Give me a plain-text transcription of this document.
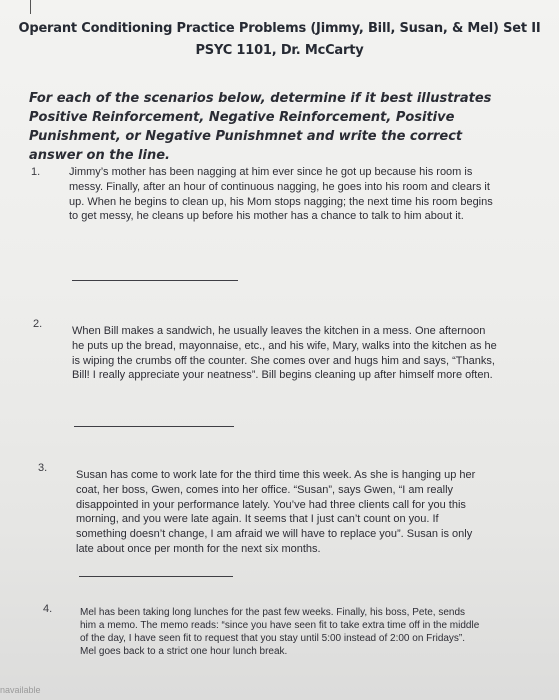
Operant Conditioning Practice Problems (Jimmy, Bill, Susan, & Mel) Set II
PSYC 1101, Dr. McCarty

For each of the scenarios below, determine if it best illustrates Positive Reinforcement, Negative Reinforcement, Positive Punishment, or Negative Punishmnet and write the correct answer on the line.

1.	Jimmy’s mother has been nagging at him ever since he got up because his room is messy. Finally, after an hour of continuous nagging, he goes into his room and clears it up. When he begins to clean up, his Mom stops nagging; the next time his room begins to get messy, he cleans up before his mother has a chance to talk to him about it.

2.

When Bill makes a sandwich, he usually leaves the kitchen in a mess. One afternoon he puts up the bread, mayonnaise, etc., and his wife, Mary, walks into the kitchen as he is wiping the crumbs off the counter. She comes over and hugs him and says, “Thanks, Bill! I really appreciate your neatness”. Bill begins cleaning up after himself more often.

3.

Susan has come to work late for the third time this week. As she is hanging up her coat, her boss, Gwen, comes into her office. “Susan”, says Gwen, “I am really disappointed in your performance lately. You’ve had three clients call for you this morning, and you were late again. It seems that I just can’t count on you. If something doesn’t change, I am afraid we will have to replace you”. Susan is only late about once per month for the next six months.

4.	Mel has been taking long lunches for the past few weeks. Finally, his boss, Pete, sends him a memo. The memo reads: “since you have seen fit to take extra time off in the middle of the day, I have seen fit to request that you stay until 5:00 instead of 2:00 on Fridays”. Mel goes back to a strict one hour lunch break.

navailable
